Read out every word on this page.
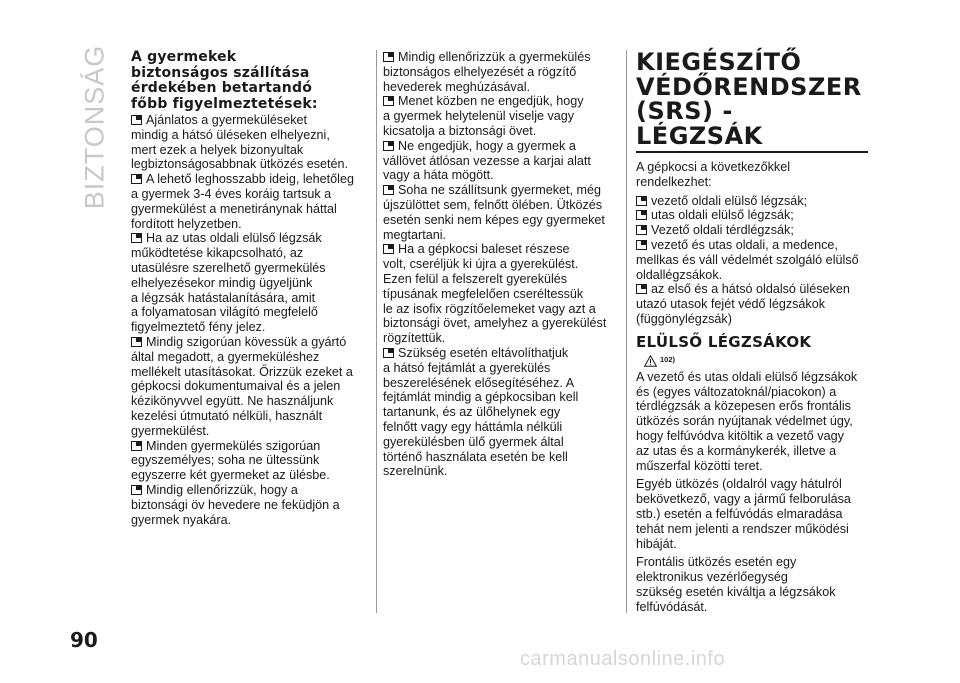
BIZTONSÁG A gyermekek
biztonságos szállítása
érdekében betartandó
főbb figyelmeztetések:

Ajánlatos a gyermeküléseket
mindig a hátsó üléseken elhelyezni,
mert ezek a helyek bizonyultak
legbiztonságosabbnak ütközés esetén.

A lehető leghosszabb ideig, lehetőleg
a gyermek 3-4 éves koráig tartsuk a
gyermekülést a menetiránynak háttal
fordított helyzetben.

Ha az utas oldali elülső légzsák
működtetése kikapcsolható, az
utasülésre szerelhető gyermekülés
elhelyezésekor mindig ügyeljünk
a légzsák hatástalanítására, amit
a folyamatosan világító megfelelő
figyelmeztető fény jelez.

Mindig szigorúan kövessük a gyártó
által megadott, a gyermeküléshez
mellékelt utasításokat. Őrizzük ezeket a
gépkocsi dokumentumaival és a jelen
kézikönyvvel együtt. Ne használjunk
kezelési útmutató nélküli, használt
gyermekülést.

Minden gyermekülés szigorúan
egyszemélyes; soha ne ültessünk
egyszerre két gyermeket az ülésbe.

Mindig ellenőrizzük, hogy a
biztonsági öv hevedere ne feküdjön a
gyermek nyakára.

Mindig ellenőrizzük a gyermekülés
biztonságos elhelyezését a rögzítő
hevederek meghúzásával.

Menet közben ne engedjük, hogy
a gyermek helytelenül viselje vagy
kicsatolja a biztonsági övet.

Ne engedjük, hogy a gyermek a
vállövet átlósan vezesse a karjai alatt
vagy a háta mögött.

Soha ne szállítsunk gyermeket, még
újszülöttet sem, felnőtt ölében. Ütközés
esetén senki nem képes egy gyermeket
megtartani.

Ha a gépkocsi baleset részese
volt, cseréljük ki újra a gyerekülést.
Ezen felül a felszerelt gyerekülés
típusának megfelelően cseréltessük
le az isofix rögzítőelemeket vagy azt a
biztonsági övet, amelyhez a gyerekülést
rögzítettük.

Szükség esetén eltávolíthatjuk
a hátsó fejtámlát a gyerekülés
beszerelésének elősegítéséhez. A
fejtámlát mindig a gépkocsiban kell
tartanunk, és az ülőhelynek egy
felnőtt vagy egy háttámla nélküli
gyerekülésben ülő gyermek által
történő használata esetén be kell
szerelnünk.

KIEGÉSZÍTŐ
VÉDŐRENDSZER
(SRS) - LÉGZSÁK

A gépkocsi a következőkkel
rendelkezhet:

vezető oldali elülső légzsák;

utas oldali elülső légzsák;

Vezető oldali térdlégzsák;

vezető és utas oldali, a medence,
mellkas és váll védelmét szolgáló elülső
oldallégzsákok.

az első és a hátsó oldalsó üléseken
utazó utasok fejét védő légzsákok
(függönylégzsák)

ELÜLSŐ LÉGZSÁKOK
102)

A vezető és utas oldali elülső légzsákok
és (egyes változatoknál/piacokon) a
térdlégzsák a közepesen erős frontális
ütközés során nyújtanak védelmet úgy,
hogy felfúvódva kitöltik a vezető vagy
az utas és a kormánykerék, illetve a
műszerfal közötti teret.

Egyéb ütközés (oldalról vagy hátulról
bekövetkező, vagy a jármű felborulása
stb.) esetén a felfúvódás elmaradása
tehát nem jelenti a rendszer működési
hibáját.

Frontális ütközés esetén egy
elektronikus vezérlőegység
szükség esetén kiváltja a légzsákok
felfúvódását.

90
carmanualsonline.info
